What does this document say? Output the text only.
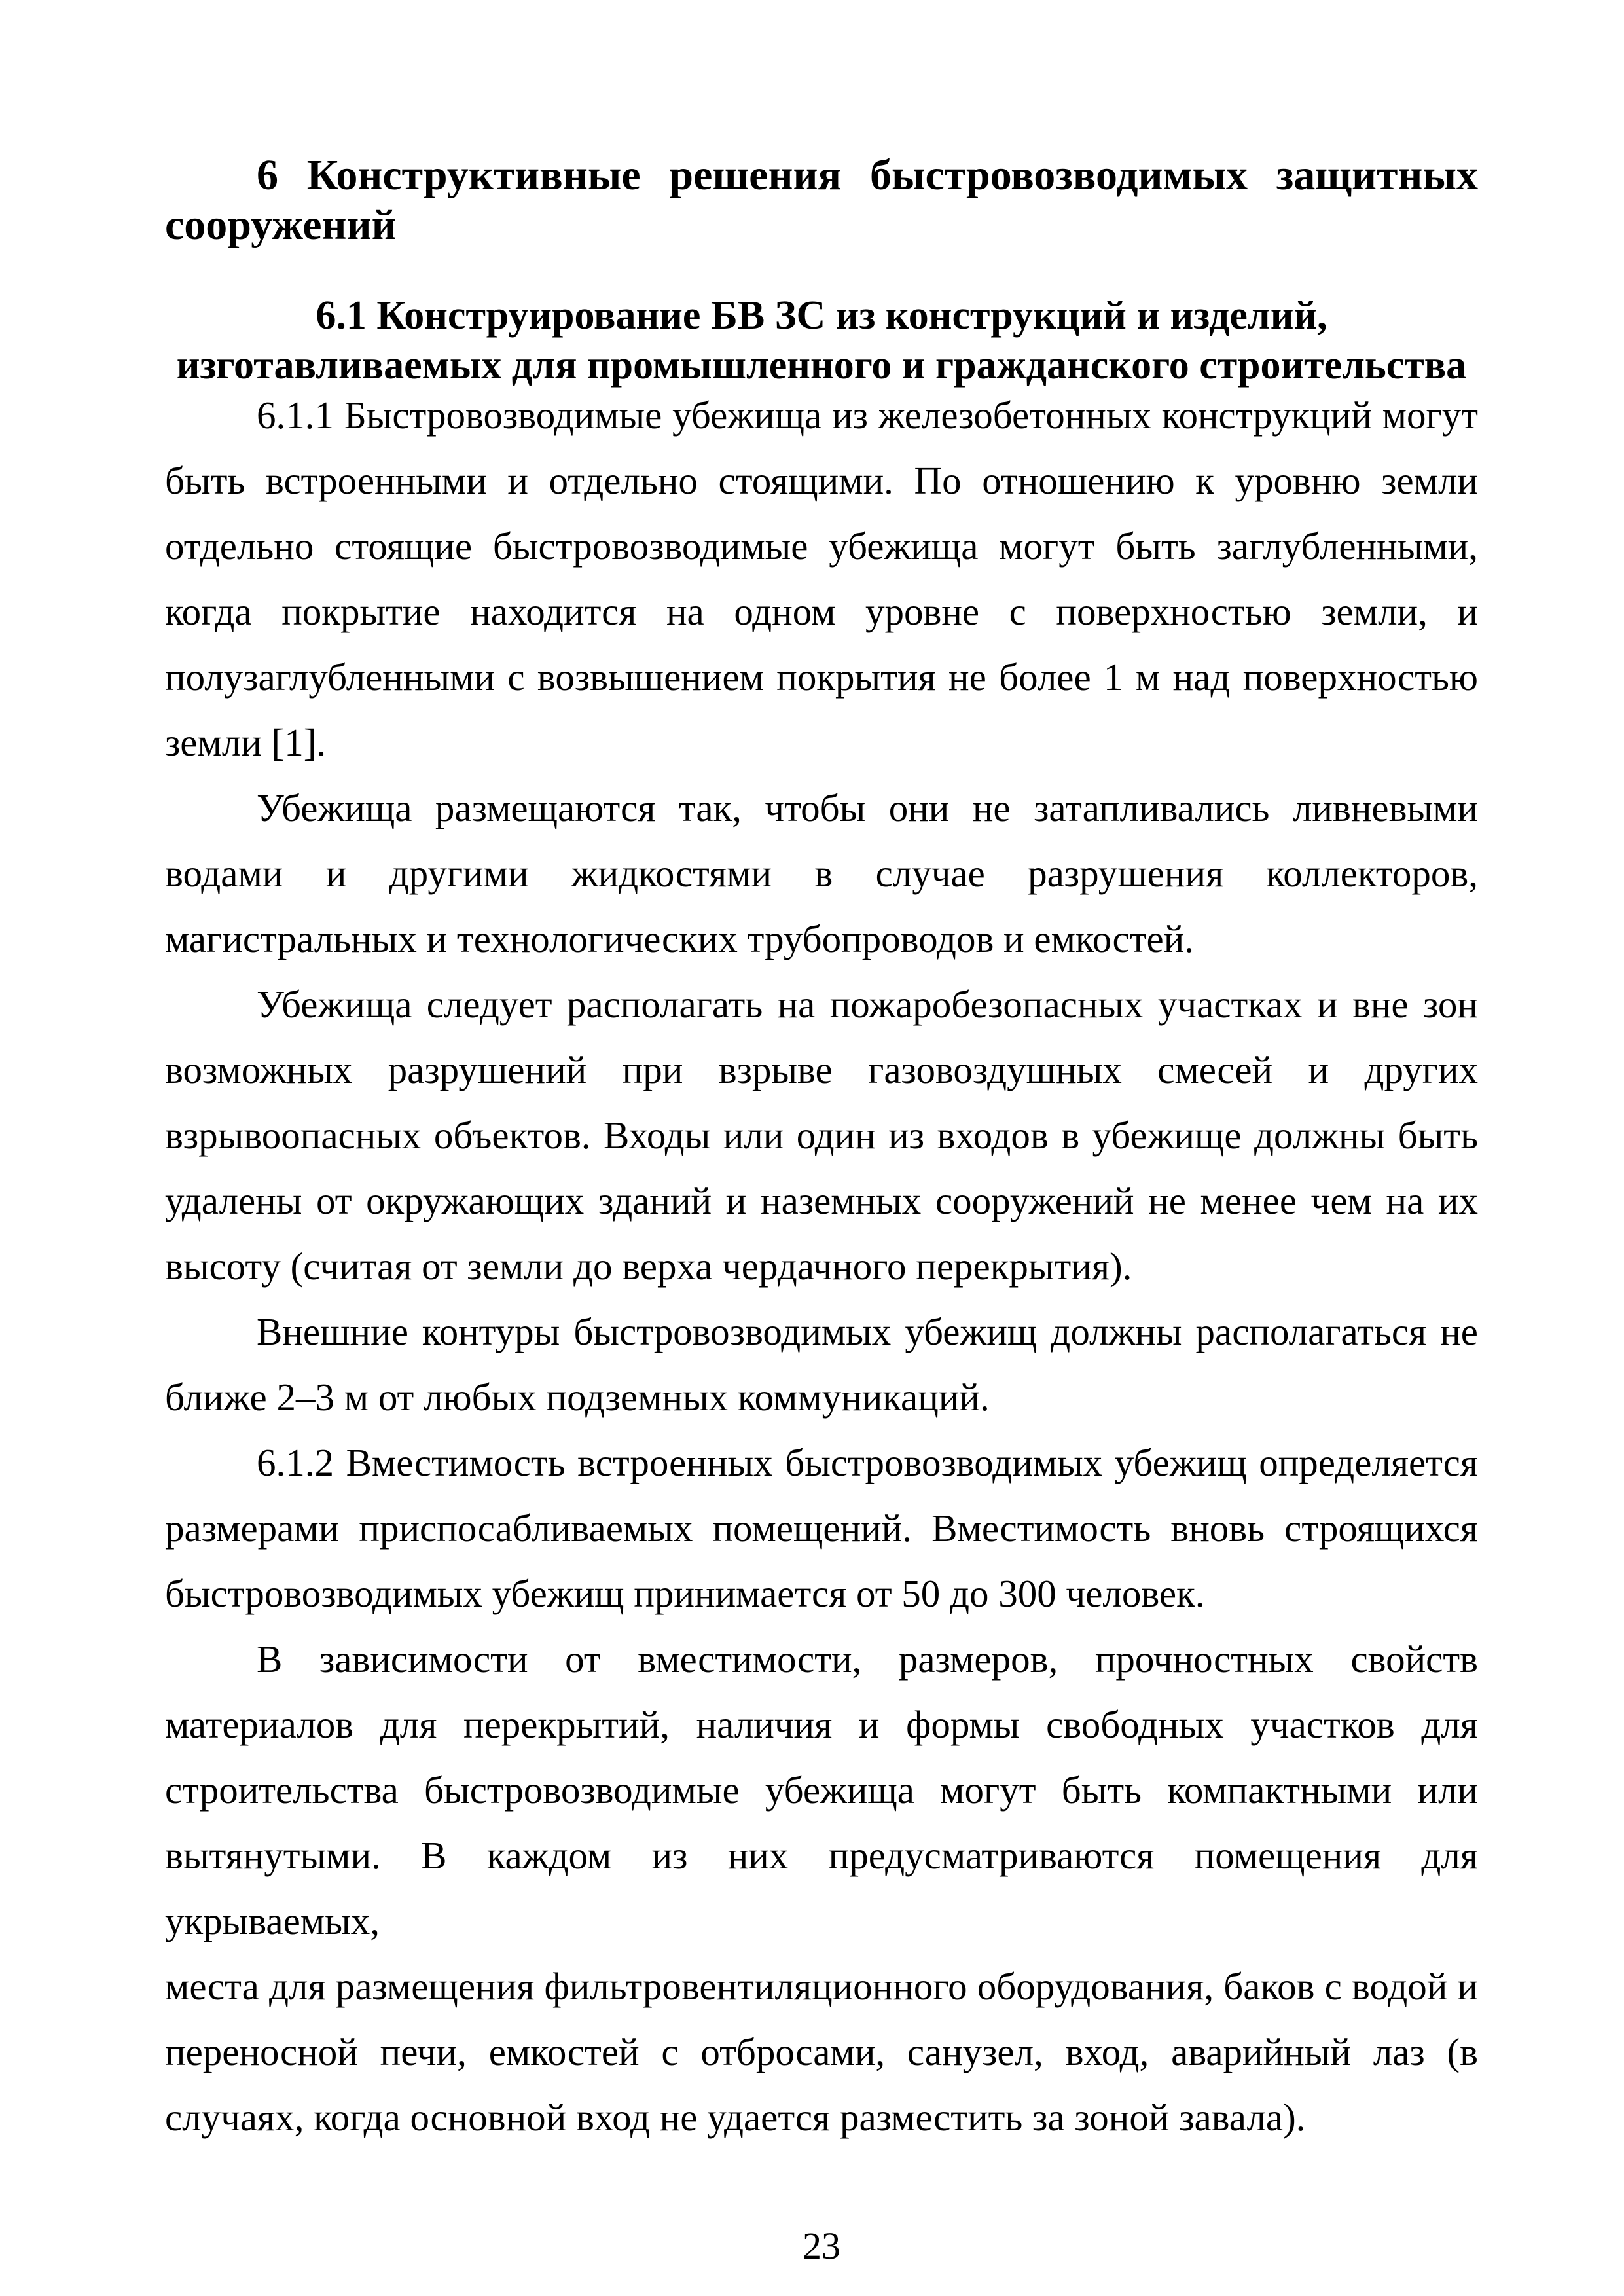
6 Конструктивные решения быстровозводимых защитных
сооружений
6.1 Конструирование БВ ЗС из конструкций и изделий,
изготавливаемых для промышленного и гражданского строительства
6.1.1 Быстровозводимые убежища из железобетонных конструкций могут
быть встроенными и отдельно стоящими. По отношению к уровню земли
отдельно стоящие быстровозводимые убежища могут быть заглубленными,
когда покрытие находится на одном уровне с поверхностью земли, и
полузаглубленными с возвышением покрытия не более 1 м над поверхностью
земли [1].
Убежища размещаются так, чтобы они не затапливались ливневыми
водами и другими жидкостями в случае разрушения коллекторов,
магистральных и технологических трубопроводов и емкостей.
Убежища следует располагать на пожаробезопасных участках и вне зон
возможных разрушений при взрыве газовоздушных смесей и других
взрывоопасных объектов. Входы или один из входов в убежище должны быть
удалены от окружающих зданий и наземных сооружений не менее чем на их
высоту (считая от земли до верха чердачного перекрытия).
Внешние контуры быстровозводимых убежищ должны располагаться не
ближе 2–3 м от любых подземных коммуникаций.
6.1.2 Вместимость встроенных быстровозводимых убежищ определяется
размерами приспосабливаемых помещений. Вместимость вновь строящихся
быстровозводимых убежищ принимается от 50 до 300 человек.
В зависимости от вместимости, размеров, прочностных свойств
материалов для перекрытий, наличия и формы свободных участков для
строительства быстровозводимые убежища могут быть компактными или
вытянутыми. В каждом из них предусматриваются помещения для укрываемых,
места для размещения фильтровентиляционного оборудования, баков с водой и
переносной печи, емкостей с отбросами, санузел, вход, аварийный лаз (в
случаях, когда основной вход не удается разместить за зоной завала).
23
